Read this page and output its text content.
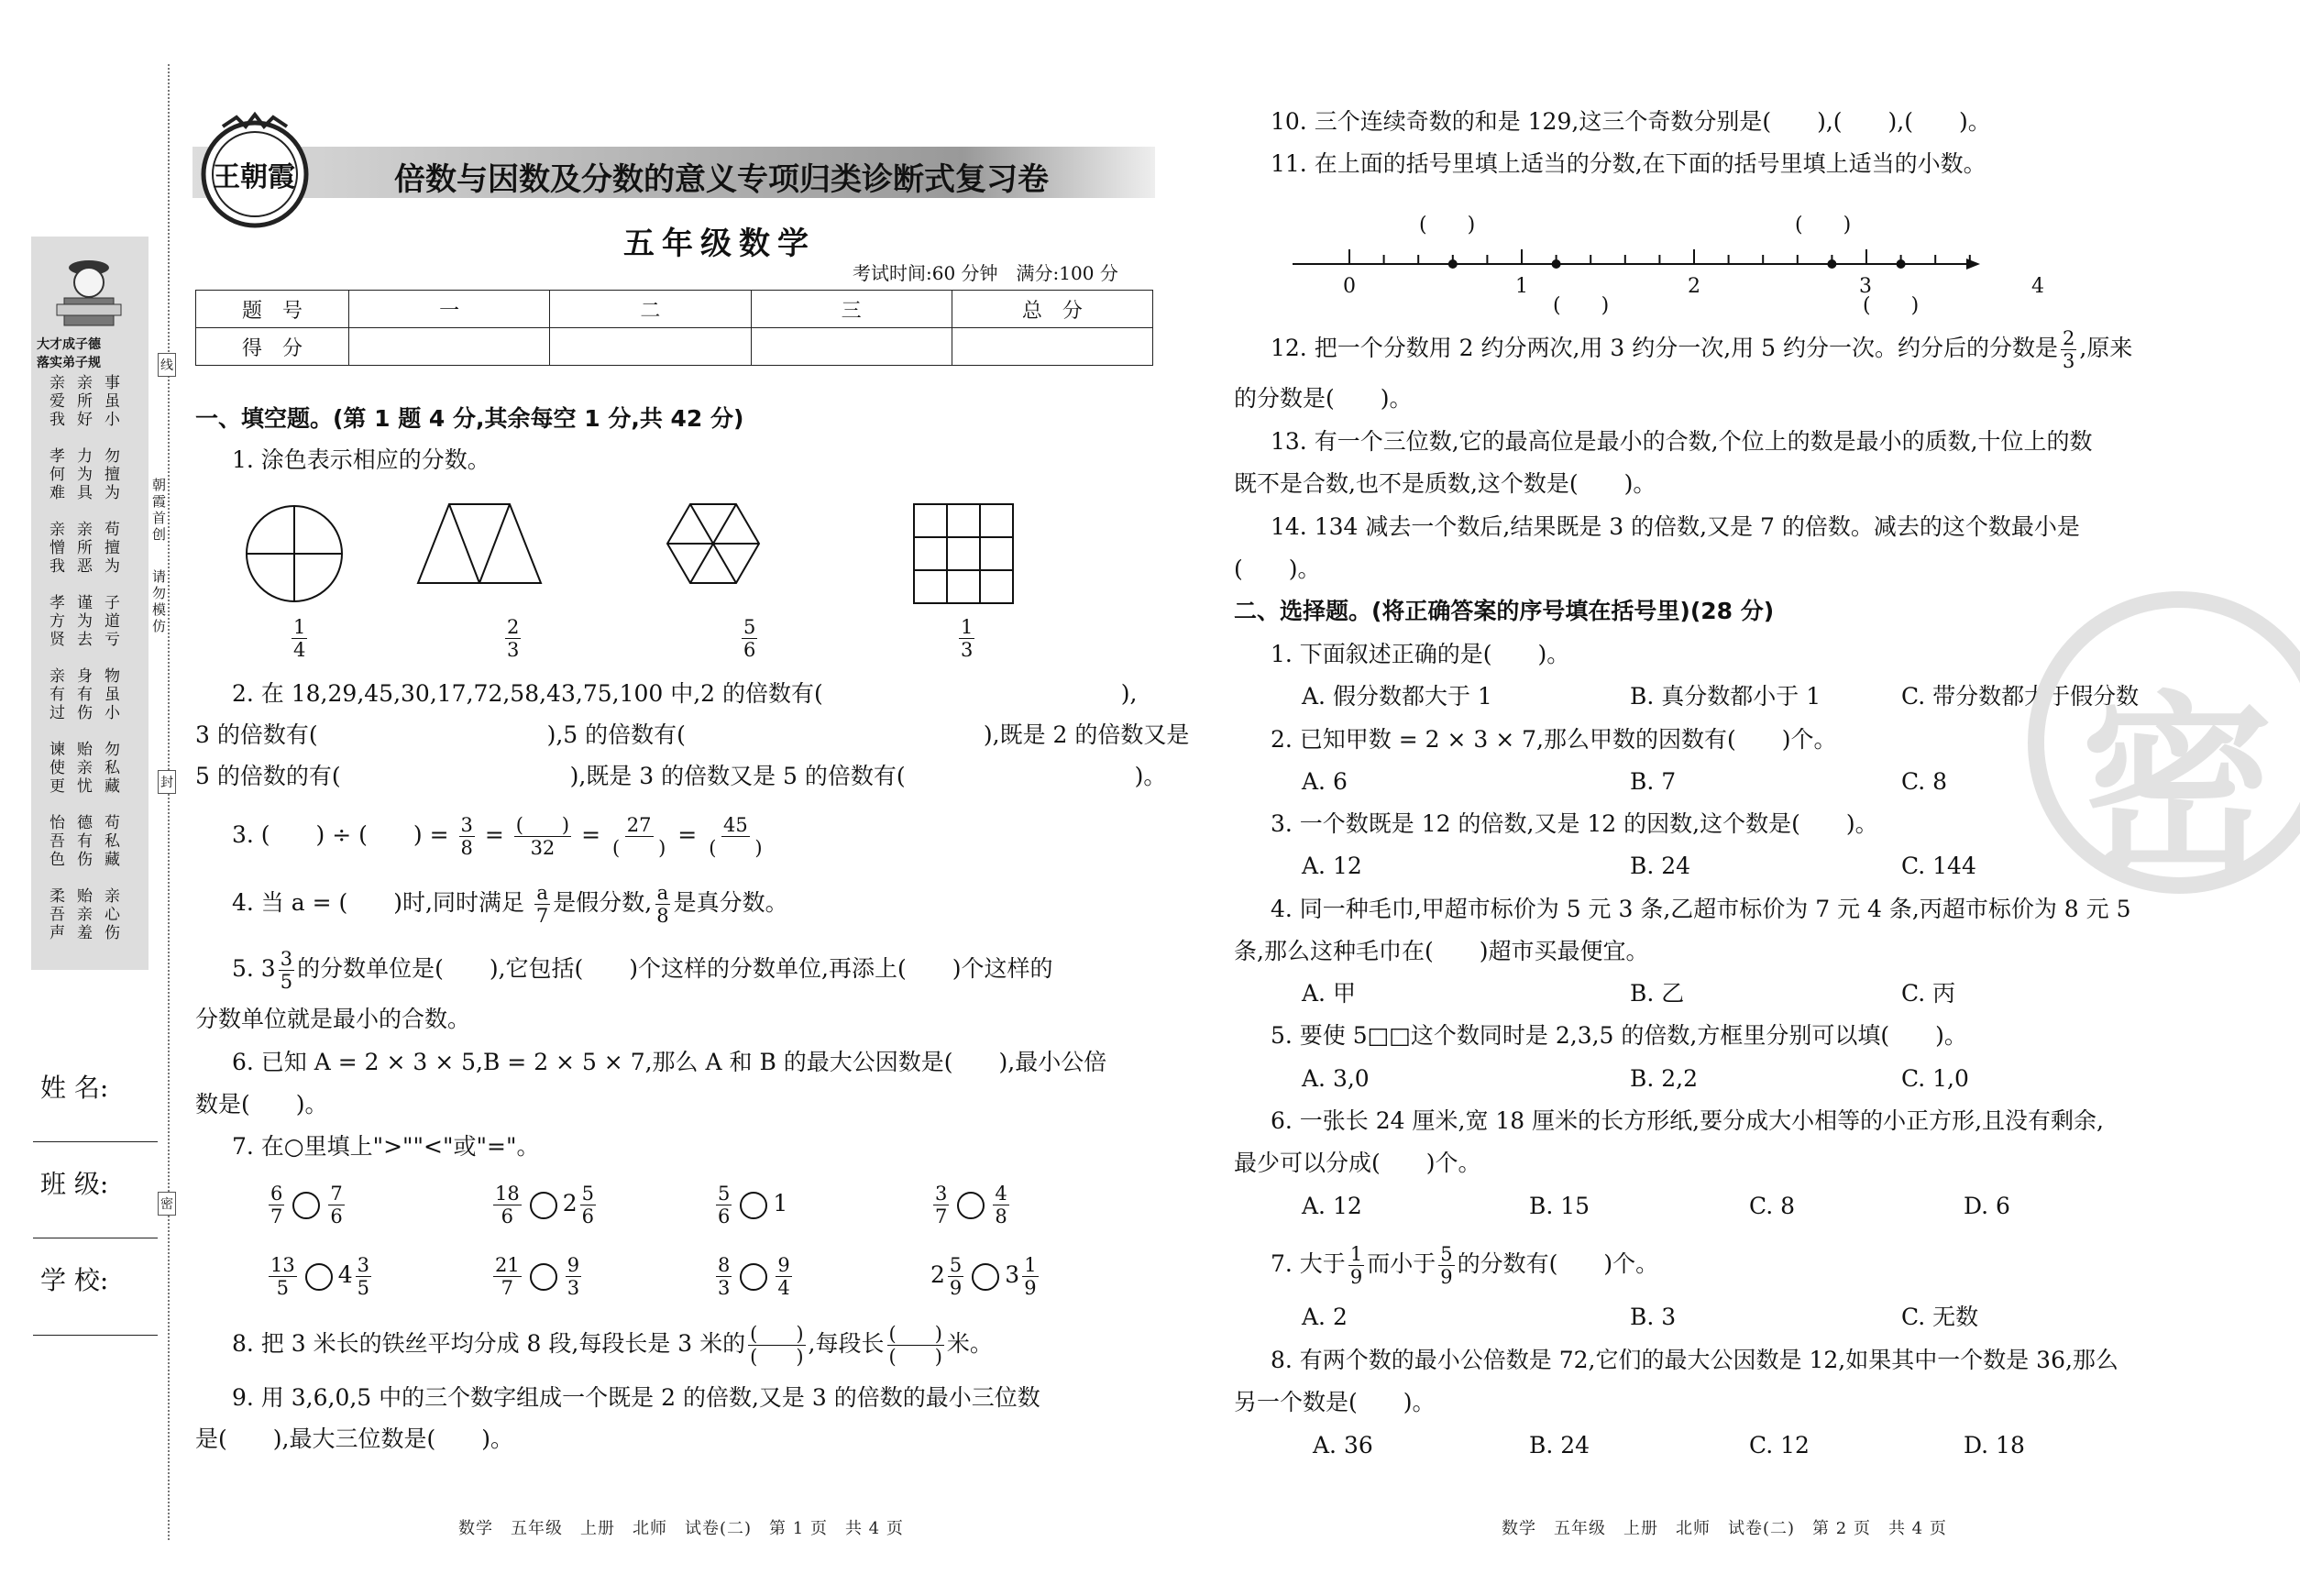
大才成子德
落实弟子规
亲爱我
亲所好
事虽小
孝何难
力为具
勿擅为
亲憎我
亲所恶
苟擅为
孝方贤
谨为去
子道亏
亲有过
身有伤
物虽小
谏使更
贻亲忧
勿私藏
怡吾色
德有伤
苟私藏
柔吾声
贻亲羞
亲心伤
姓 名:
班 级:
学 校:
线
封
密
朝霞首创
请勿模仿
王朝霞	倍数与因数及分数的意义专项归类诊断式复习卷
五年级数学
考试时间:60 分钟　满分:100 分
题　号	一	二	三	总　分
得　分				
一、填空题。(第 1 题 4 分,其余每空 1 分,共 42 分)
1. 涂色表示相应的分数。
$\frac{1}{4}$	$\frac{2}{3}$	$\frac{5}{6}$	$\frac{1}{3}$
2. 在 18,29,45,30,17,72,58,43,75,100 中,2 的倍数有(　　　　　　　　　　　　　),
3 的倍数有(　　　　　　　　　　),5 的倍数有(　　　　　　　　　　　　　),既是 2 的倍数又是
5 的倍数的有(　　　　　　　　　　),既是 3 的倍数又是 5 的倍数有(　　　　　　　　　　)。
3. (　　) ÷ (　　) = $\frac{3}{8} = \frac{( )}{32} = \frac{27}{( )} = \frac{45}{( )}$
4. 当 a = (　　)时,同时满足 $\frac{a}{7}$ 是假分数, $\frac{a}{8}$ 是真分数。
5. $3 \frac{3}{5}$ 的分数单位是(　　),它包括(　　)个这样的分数单位,再添上(　　)个这样的
分数单位就是最小的合数。
6. 已知 A = 2 × 3 × 5,B = 2 × 5 × 7,那么 A 和 B 的最大公因数是(　　),最小公倍
数是(　　)。
7. 在○里填上">""<"或"="。
$\frac{6}{7} \frac{7}{6}$	$\frac{18}{6} 2 \frac{5}{6}$	$\frac{5}{6} 1$	$\frac{3}{7} \frac{4}{8}$
$\frac{13}{5} 4 \frac{3}{5}$	$\frac{21}{7} \frac{9}{3}$	$\frac{8}{3} \frac{9}{4}$	$2 \frac{5}{9} 3 \frac{1}{9}$
8. 把 3 米长的铁丝平均分成 8 段,每段长是 3 米的 $\frac{( )}{( )}$ ,每段长 $\frac{( )}{( )}$ 米。
9. 用 3,6,0,5 中的三个数字组成一个既是 2 的倍数,又是 3 的倍数的最小三位数
是(　　),最大三位数是(　　)。
数学　五年级　上册　北师　试卷(二)　第 1 页　共 4 页
10. 三个连续奇数的和是 129,这三个奇数分别是(　　),(　　),(　　)。
11. 在上面的括号里填上适当的分数,在下面的括号里填上适当的小数。
0	1	2	3	4
(　　)	(　　)
(　　)	(　　)
12. 把一个分数用 2 约分两次,用 3 约分一次,用 5 约分一次。约分后的分数是 $\frac{2}{3}$ ,原来
的分数是(　　)。
13. 有一个三位数,它的最高位是最小的合数,个位上的数是最小的质数,十位上的数
既不是合数,也不是质数,这个数是(　　)。
14. 134 减去一个数后,结果既是 3 的倍数,又是 7 的倍数。减去的这个数最小是
(　　)。
二、选择题。(将正确答案的序号填在括号里)(28 分)
1. 下面叙述正确的是(　　)。
A. 假分数都大于 1	B. 真分数都小于 1	C. 带分数都大于假分数
2. 已知甲数 = 2 × 3 × 7,那么甲数的因数有(　　)个。
A. 6	B. 7	C. 8
3. 一个数既是 12 的倍数,又是 12 的因数,这个数是(　　)。
A. 12	B. 24	C. 144
4. 同一种毛巾,甲超市标价为 5 元 3 条,乙超市标价为 7 元 4 条,丙超市标价为 8 元 5
条,那么这种毛巾在(　　)超市买最便宜。
A. 甲	B. 乙	C. 丙
5. 要使 5□□这个数同时是 2,3,5 的倍数,方框里分别可以填(　　)。
A. 3,0	B. 2,2	C. 1,0
6. 一张长 24 厘米,宽 18 厘米的长方形纸,要分成大小相等的小正方形,且没有剩余,
最少可以分成(　　)个。
A. 12	B. 15	C. 8	D. 6
7. 大于 $\frac{1}{9}$ 而小于 $\frac{5}{9}$ 的分数有(　　)个。
A. 2	B. 3	C. 无数
8. 有两个数的最小公倍数是 72,它们的最大公因数是 12,如果其中一个数是 36,那么
另一个数是(　　)。
A. 36	B. 24	C. 12	D. 18
密
数学　五年级　上册　北师　试卷(二)　第 2 页　共 4 页
